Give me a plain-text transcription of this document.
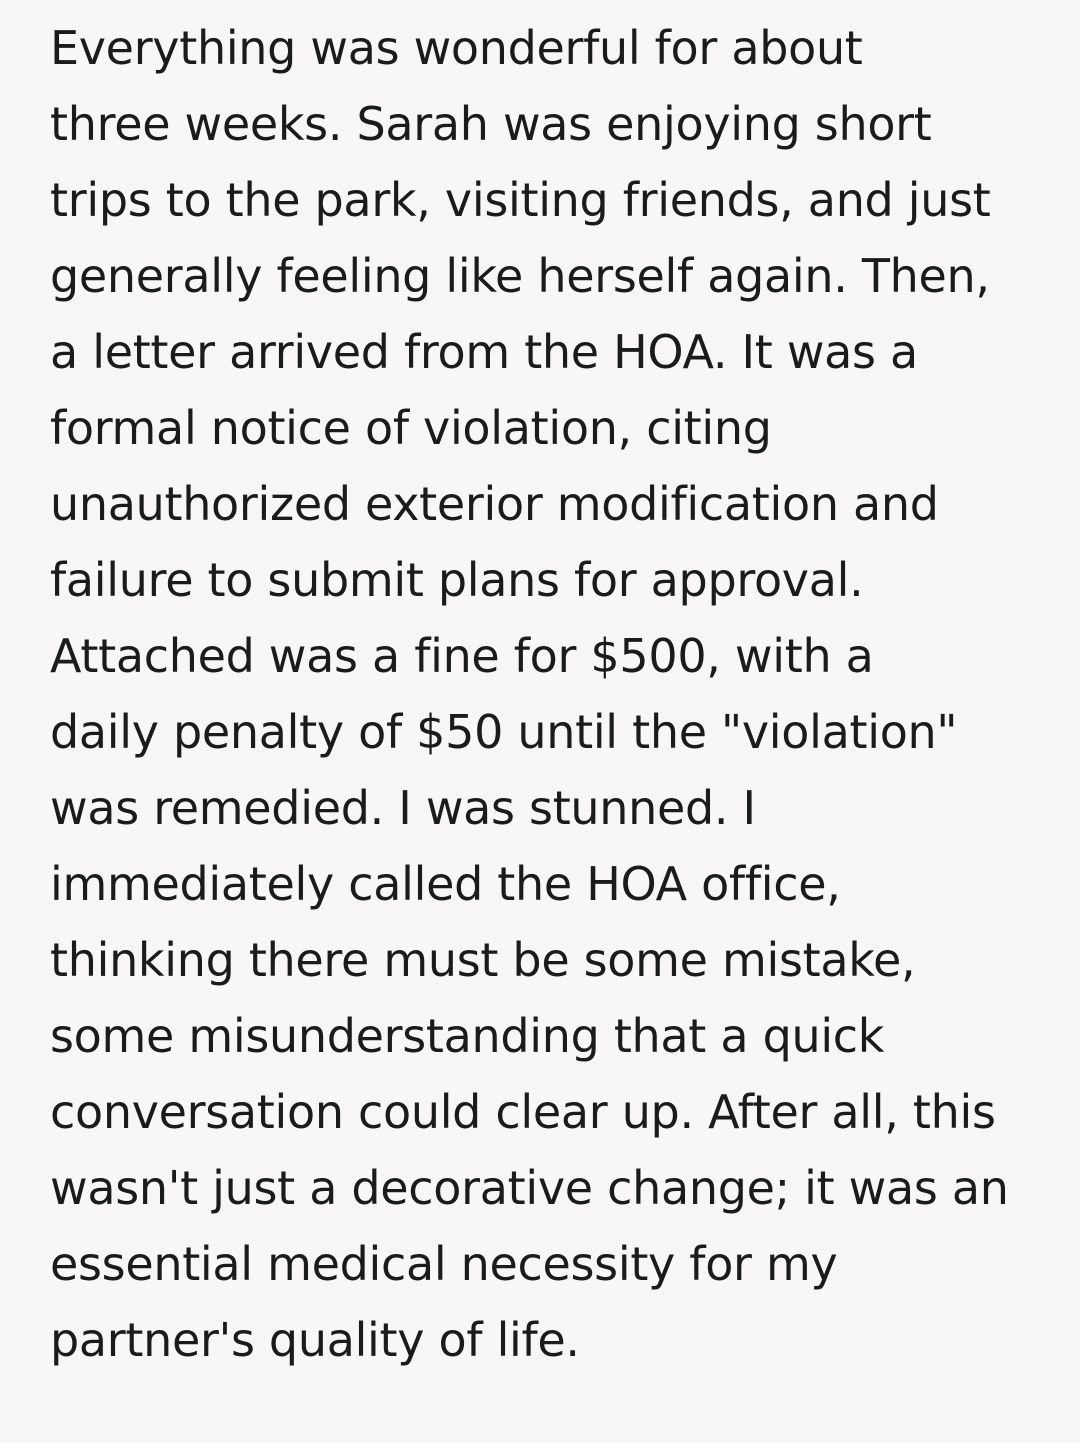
Everything was wonderful for about
three weeks. Sarah was enjoying short
trips to the park, visiting friends, and just
generally feeling like herself again. Then,
a letter arrived from the HOA. It was a
formal notice of violation, citing
unauthorized exterior modification and
failure to submit plans for approval.
Attached was a fine for $500, with a
daily penalty of $50 until the "violation"
was remedied. I was stunned. I
immediately called the HOA office,
thinking there must be some mistake,
some misunderstanding that a quick
conversation could clear up. After all, this
wasn't just a decorative change; it was an
essential medical necessity for my
partner's quality of life.
